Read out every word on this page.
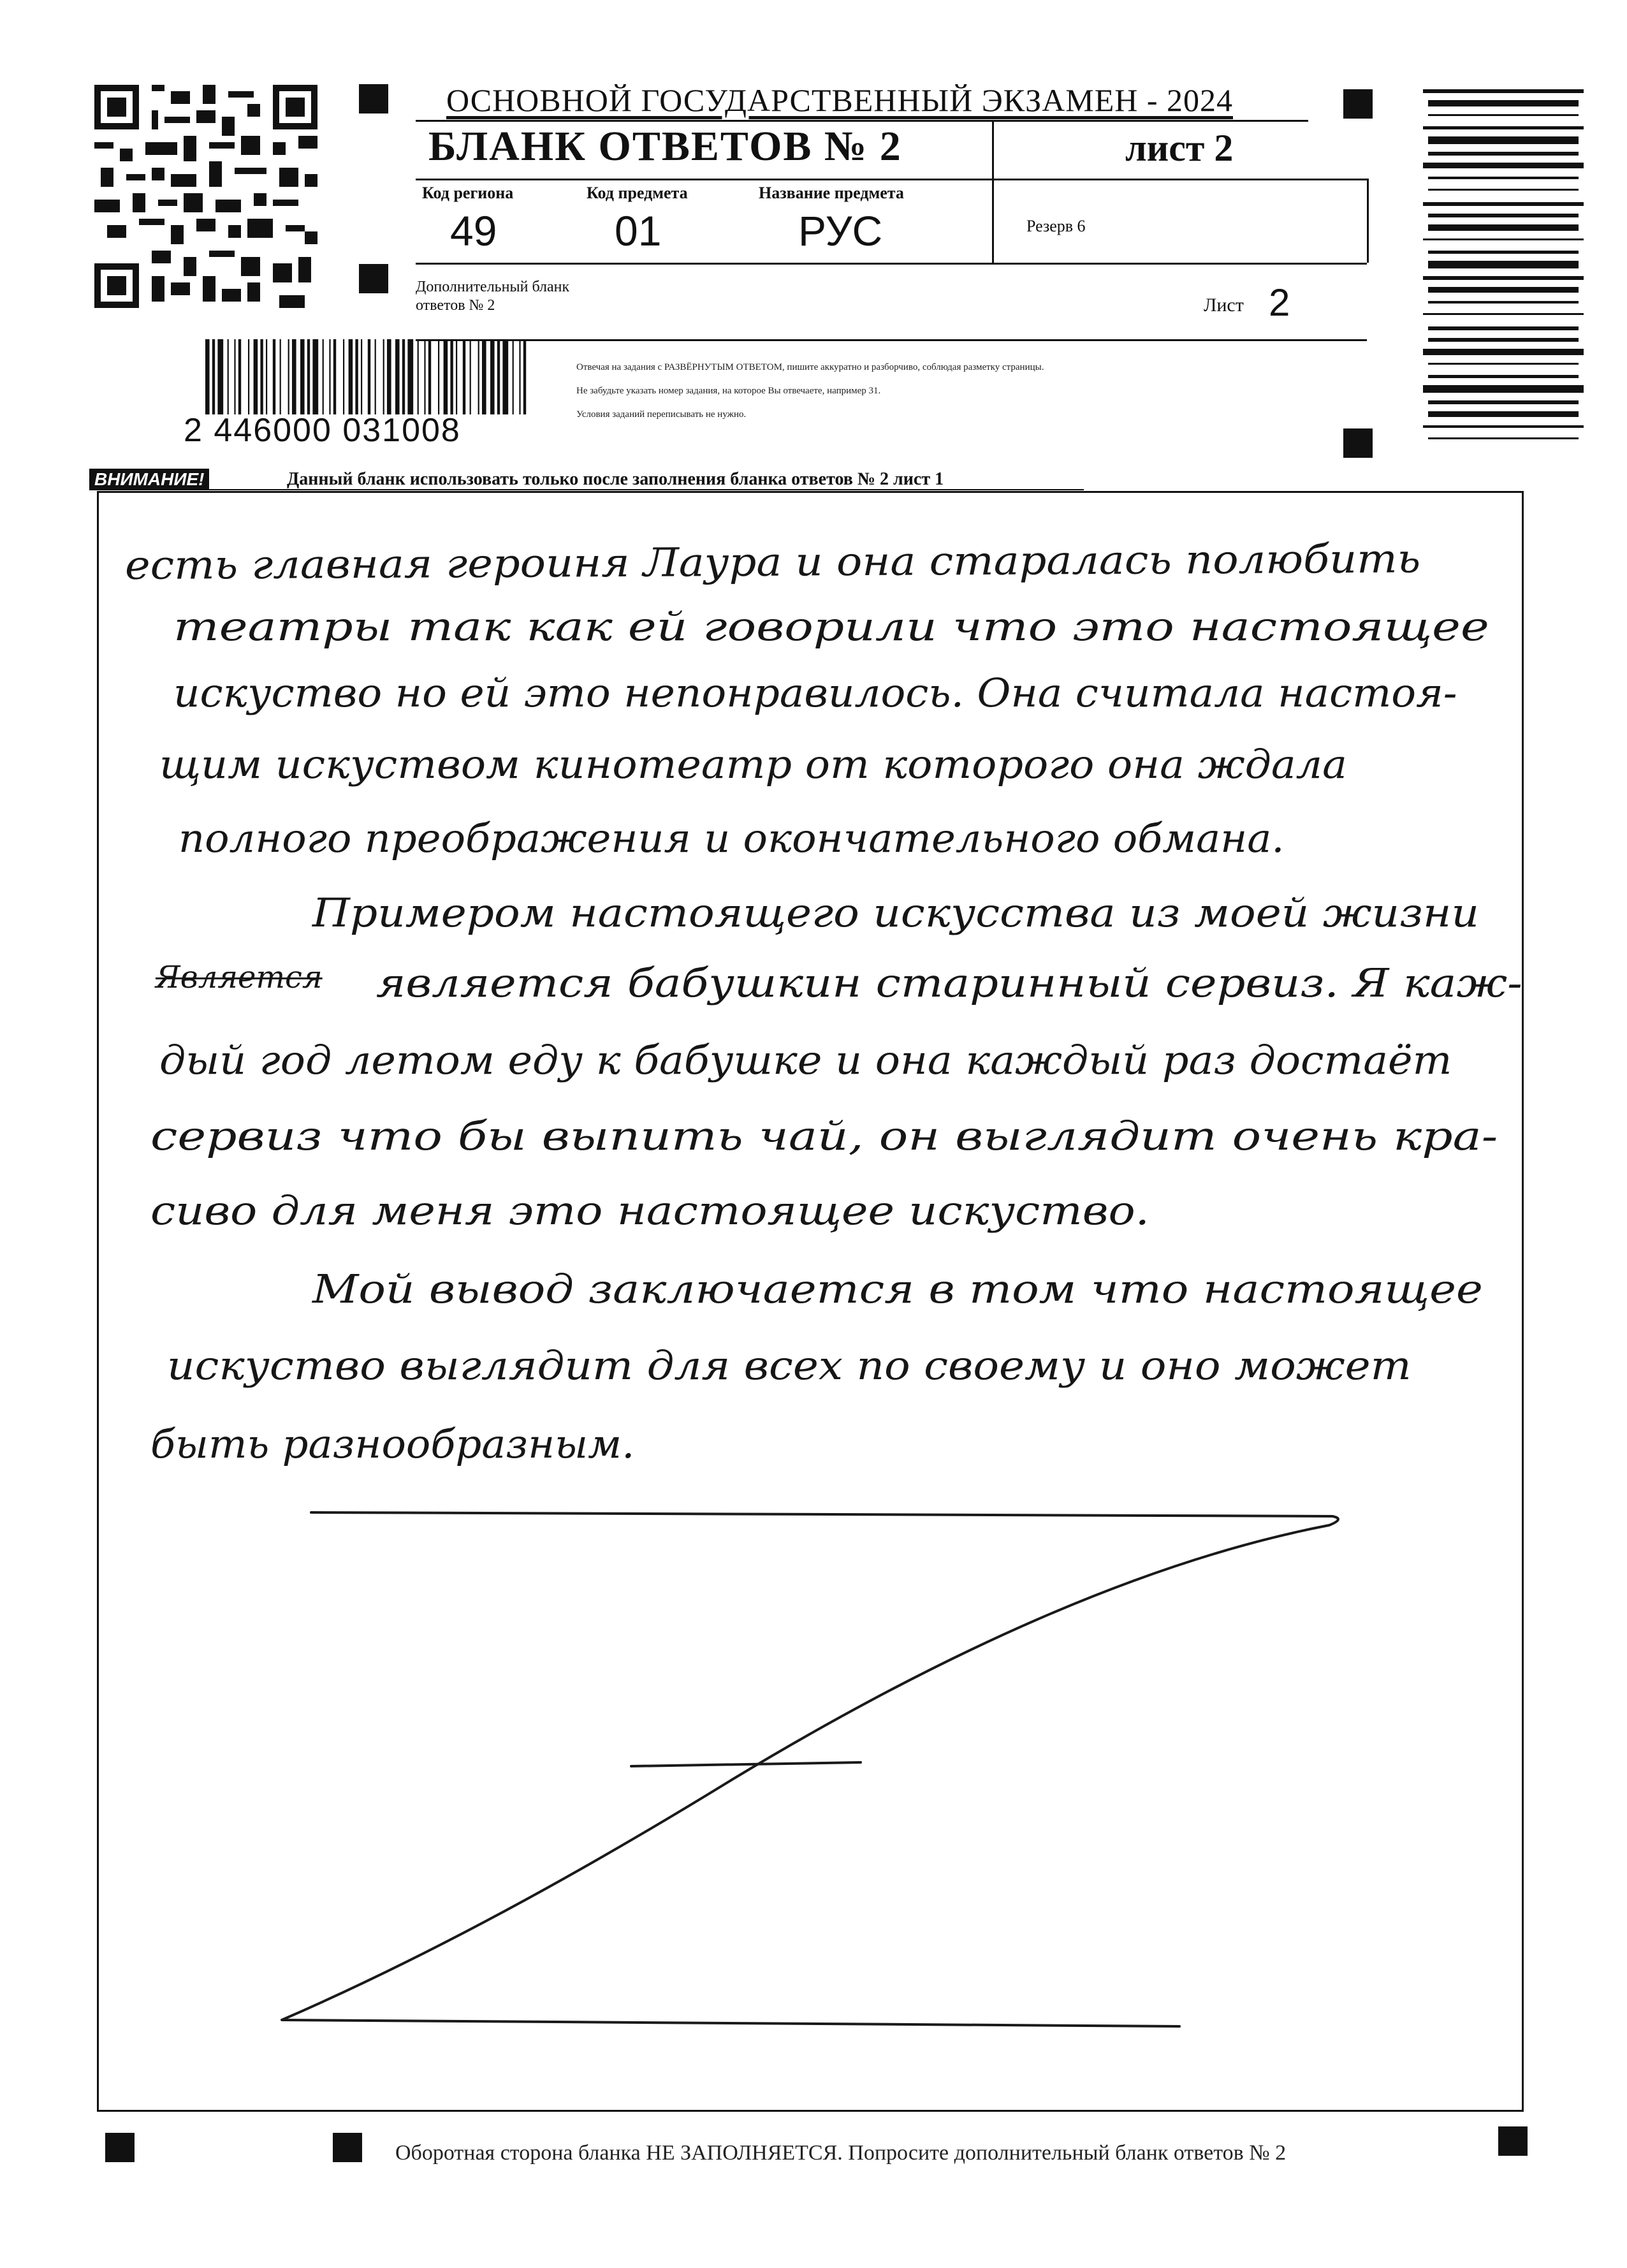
ОСНОВНОЙ ГОСУДАРСТВЕННЫЙ ЭКЗАМЕН - 2024
БЛАНК ОТВЕТОВ № 2	лист 2
Код региона
49
Код предмета
01
Название предмета
РУС	Резерв 6
Дополнительный бланк ответов № 2	Лист 2
Отвечая на задания с РАЗВЁРНУТЫМ ОТВЕТОМ, пишите аккуратно и разборчиво, соблюдая разметку страницы.
Не забудьте указать номер задания, на которое Вы отвечаете, например 31.
Условия заданий переписывать не нужно.
2 446000 031008
ВНИМАНИЕ!	Данный бланк использовать только после заполнения бланка ответов № 2 лист 1
есть главная героиня Лаура и она старалась полюбить
театры так как ей говорили что это настоящее
искуство но ей это непонравилось. Она считала настоя-
щим искуством кинотеатр от которого она ждала
полного преображения и окончательного обмана.
Примером настоящего искусства из моей жизни
Является является бабушкин старинный сервиз. Я каж-
дый год летом еду к бабушке и она каждый раз достаёт
сервиз что бы выпить чай, он выглядит очень кра-
сиво для меня это настоящее искуство.
Мой вывод заключается в том что настоящее
искуство выглядит для всех по своему и оно может
быть разнообразным.
Оборотная сторона бланка НЕ ЗАПОЛНЯЕТСЯ. Попросите дополнительный бланк ответов № 2
